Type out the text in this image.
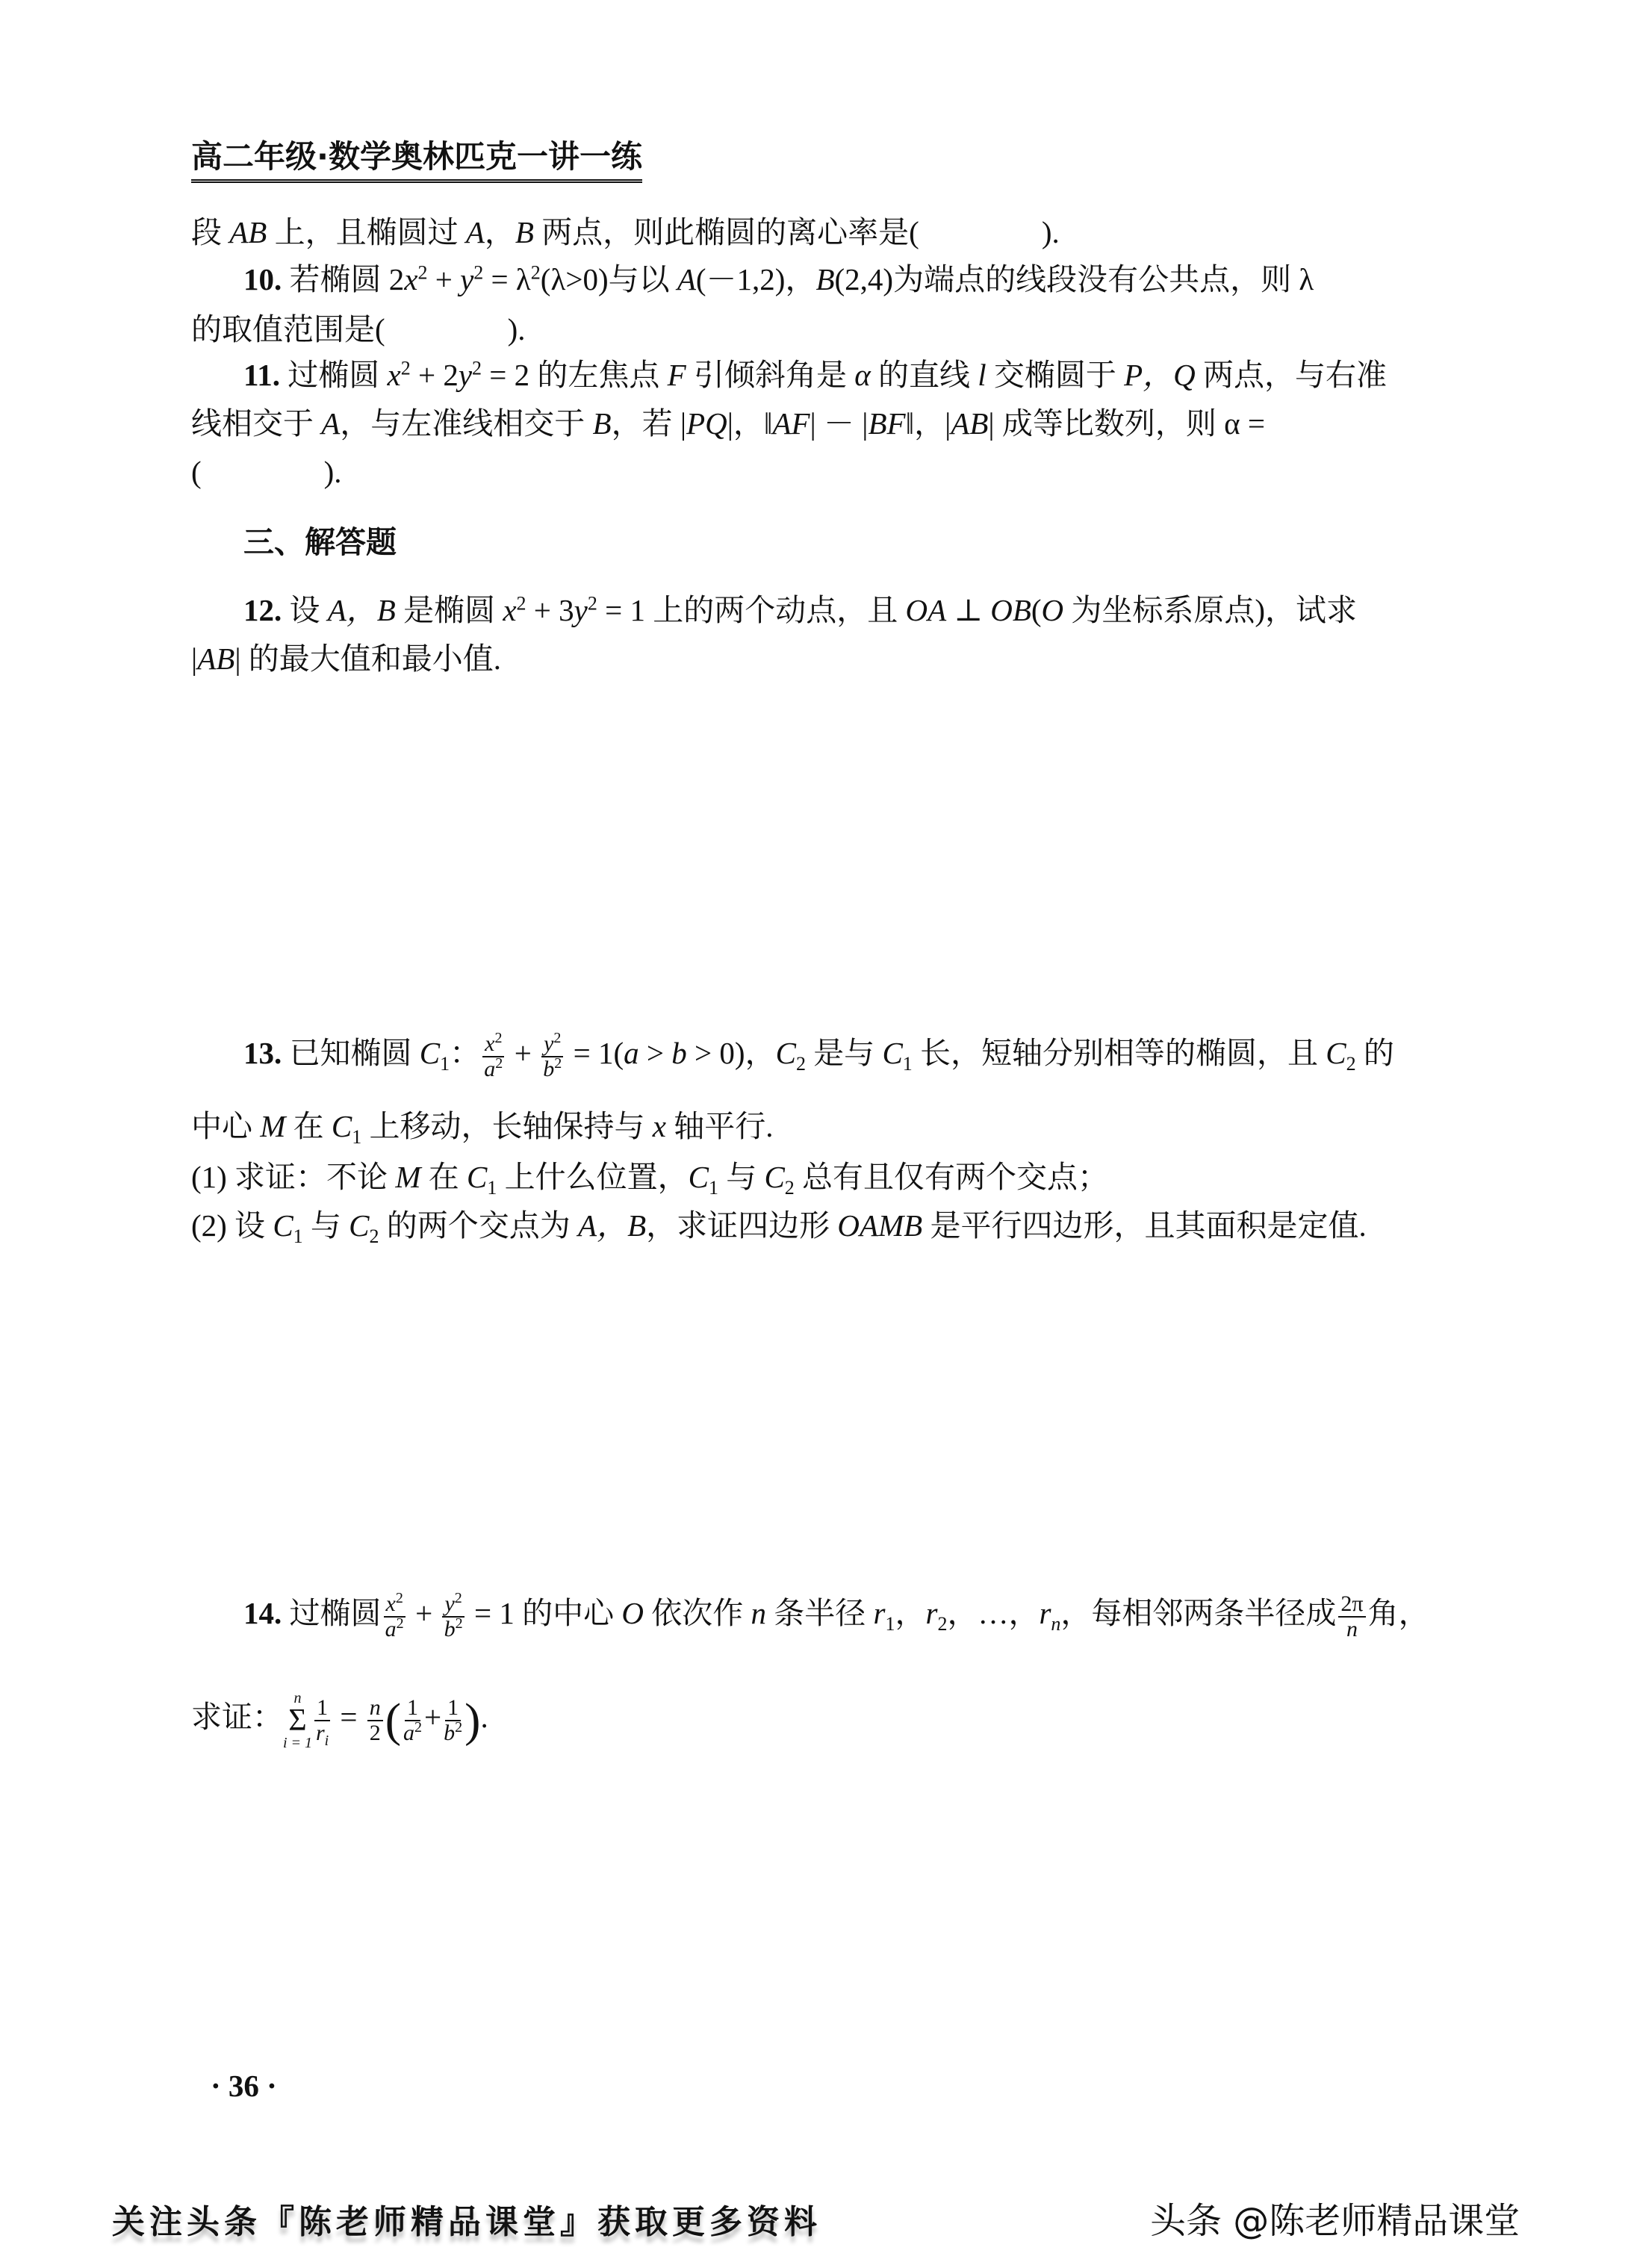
高二年级·数学奥林匹克一讲一练
段 AB 上，且椭圆过 A，B 两点，则此椭圆的离心率是(　　　　).
10. 若椭圆 $2x^2 + y^2 = \lambda^2(\lambda>0)$与以 A(－1,2)，B(2,4)为端点的线段没有公共点，则 λ
的取值范围是(　　　　).
11. 过椭圆 $x^2 + 2y^2 = 2$ 的左焦点 F 引倾斜角是 α 的直线 l 交椭圆于 P，Q 两点，与右准
线相交于 A，与左准线相交于 B，若 |PQ|，‖AF| － |BF‖，|AB| 成等比数列，则 α =
(　　　　).
三、解答题
12. 设 A，B 是椭圆 $x^2 + 3y^2 = 1$ 上的两个动点，且 OA ⊥ OB(O 为坐标系原点)，试求
|AB| 的最大值和最小值.
13. 已知椭圆 $C_1$： $\frac{x^2}{a^2} + \frac{y^2}{b^2} = 1(a > b > 0)$，$C_2$ 是与 $C_1$ 长，短轴分别相等的椭圆，且 $C_2$ 的
中心 M 在 $C_1$ 上移动，长轴保持与 x 轴平行.
(1) 求证：不论 M 在 $C_1$ 上什么位置，$C_1$ 与 $C_2$ 总有且仅有两个交点；
(2) 设 $C_1$ 与 $C_2$ 的两个交点为 A，B，求证四边形 OAMB 是平行四边形，且其面积是定值.
14. 过椭圆 $\frac{x^2}{a^2} + \frac{y^2}{b^2} = 1$ 的中心 O 依次作 n 条半径 $r_1$，$r_2$，…，$r_n$，每相邻两条半径成 $\frac{2\pi}{n}$ 角，
求证：
n
Σ
$i = 1 \frac{1}{r_i} = \frac{n}{2}$ ( $\frac{1}{a^2} + \frac{1}{b^2}$ ).
· 36 ·
关注头条『陈老师精品课堂』获取更多资料	头条 @陈老师精品课堂
